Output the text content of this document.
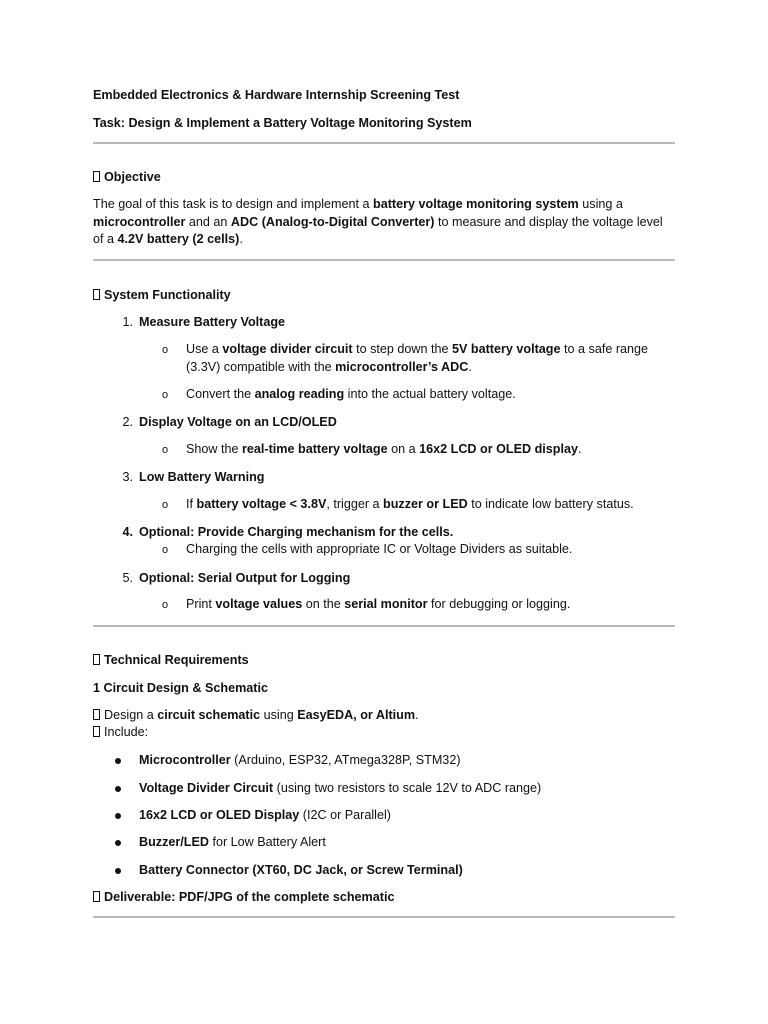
Embedded Electronics & Hardware Internship Screening Test
Task: Design & Implement a Battery Voltage Monitoring System
Objective
The goal of this task is to design and implement a battery voltage monitoring system using a
microcontroller and an ADC (Analog-to-Digital Converter) to measure and display the voltage level
of a 4.2V battery (2 cells).
System Functionality
1. Measure Battery Voltage
o Use a voltage divider circuit to step down the 5V battery voltage to a safe range
(3.3V) compatible with the microcontroller’s ADC.
o Convert the analog reading into the actual battery voltage.
2. Display Voltage on an LCD/OLED
o Show the real-time battery voltage on a 16x2 LCD or OLED display.
3. Low Battery Warning
o If battery voltage < 3.8V, trigger a buzzer or LED to indicate low battery status.
4. Optional: Provide Charging mechanism for the cells.
o Charging the cells with appropriate IC or Voltage Dividers as suitable.
5. Optional: Serial Output for Logging
o Print voltage values on the serial monitor for debugging or logging.
Technical Requirements
1 Circuit Design & Schematic
Design a circuit schematic using EasyEDA, or Altium.
Include:
Microcontroller (Arduino, ESP32, ATmega328P, STM32)
Voltage Divider Circuit (using two resistors to scale 12V to ADC range)
16x2 LCD or OLED Display (I2C or Parallel)
Buzzer/LED for Low Battery Alert
Battery Connector (XT60, DC Jack, or Screw Terminal)
Deliverable: PDF/JPG of the complete schematic
